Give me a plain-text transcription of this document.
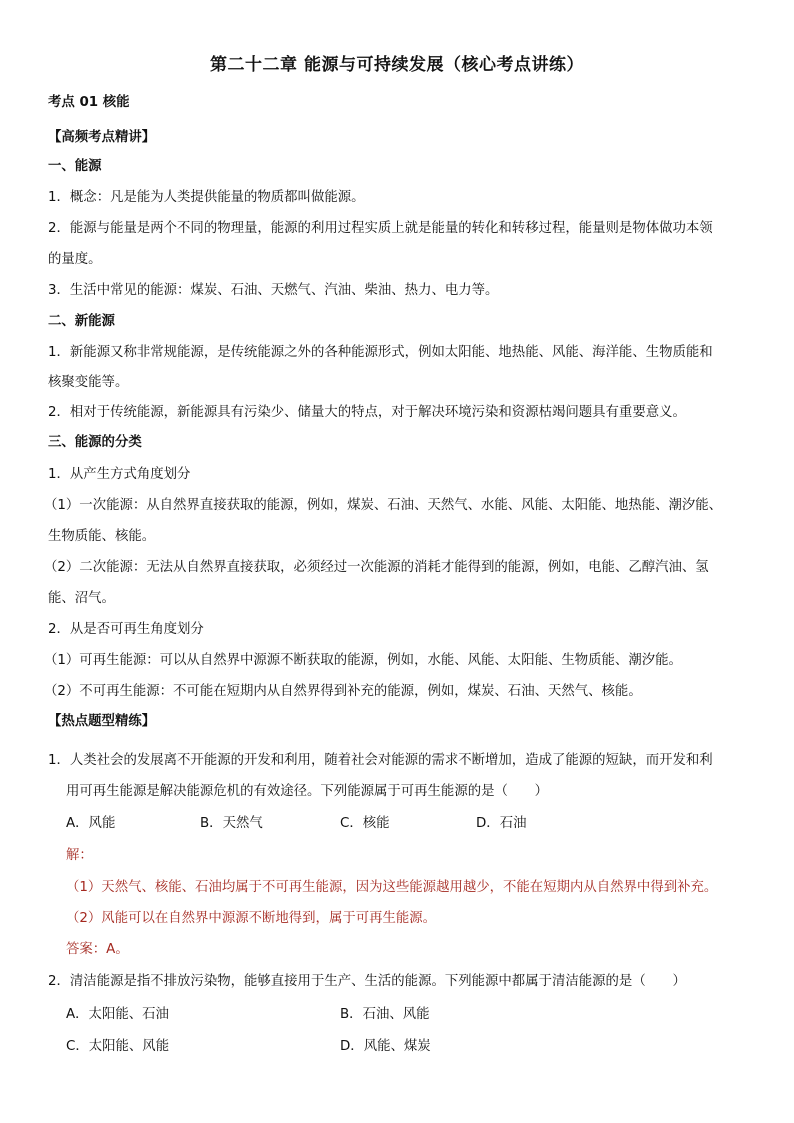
第二十二章 能源与可持续发展（核心考点讲练）
考点 01 核能
【高频考点精讲】
一、能源
1．概念：凡是能为人类提供能量的物质都叫做能源。
2．能源与能量是两个不同的物理量，能源的利用过程实质上就是能量的转化和转移过程，能量则是物体做功本领
的量度。
3．生活中常见的能源：煤炭、石油、天燃气、汽油、柴油、热力、电力等。
二、新能源
1．新能源又称非常规能源，是传统能源之外的各种能源形式，例如太阳能、地热能、风能、海洋能、生物质能和
核聚变能等。
2．相对于传统能源，新能源具有污染少、储量大的特点，对于解决环境污染和资源枯竭问题具有重要意义。
三、能源的分类
1．从产生方式角度划分
（1）一次能源：从自然界直接获取的能源，例如，煤炭、石油、天然气、水能、风能、太阳能、地热能、潮汐能、
生物质能、核能。
（2）二次能源：无法从自然界直接获取，必须经过一次能源的消耗才能得到的能源，例如，电能、乙醇汽油、氢
能、沼气。
2．从是否可再生角度划分
（1）可再生能源：可以从自然界中源源不断获取的能源，例如，水能、风能、太阳能、生物质能、潮汐能。
（2）不可再生能源：不可能在短期内从自然界得到补充的能源，例如，煤炭、石油、天然气、核能。
【热点题型精练】
1．人类社会的发展离不开能源的开发和利用，随着社会对能源的需求不断增加，造成了能源的短缺，而开发和利
用可再生能源是解决能源危机的有效途径。下列能源属于可再生能源的是（　　）
A．风能	B．天然气	C．核能	D．石油
解：
（1）天然气、核能、石油均属于不可再生能源，因为这些能源越用越少，不能在短期内从自然界中得到补充。
（2）风能可以在自然界中源源不断地得到，属于可再生能源。
答案：A。
2．清洁能源是指不排放污染物，能够直接用于生产、生活的能源。下列能源中都属于清洁能源的是（　　）
A．太阳能、石油	B．石油、风能
C．太阳能、风能	D．风能、煤炭
